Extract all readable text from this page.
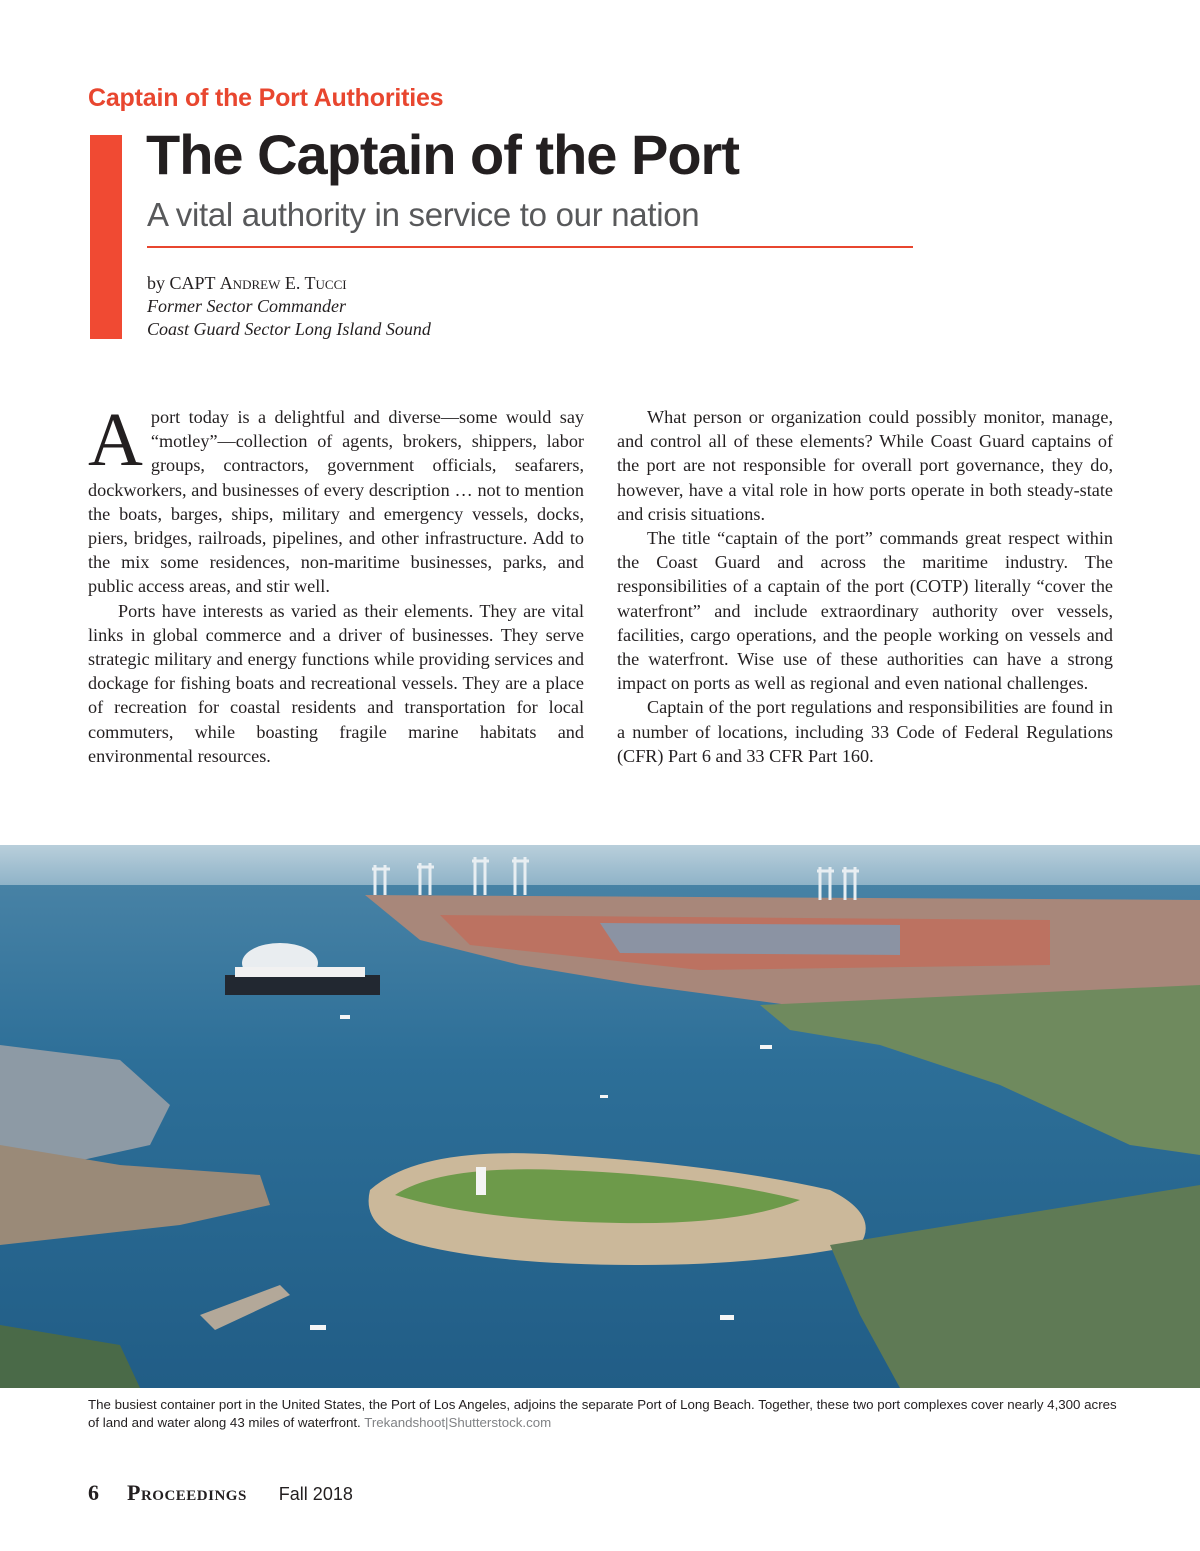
Captain of the Port Authorities
The Captain of the Port
A vital authority in service to our nation
by CAPT Andrew E. Tucci
Former Sector Commander
Coast Guard Sector Long Island Sound

Aport today is a delightful and diverse—some would say “motley”—collection of agents, brokers, shippers, labor groups, contractors, government officials, seafarers, dockworkers, and businesses of every description … not to mention the boats, barges, ships, military and emergency vessels, docks, piers, bridges, railroads, pipelines, and other infrastructure. Add to the mix some residences, non-maritime businesses, parks, and public access areas, and stir well.

Ports have interests as varied as their elements. They are vital links in global commerce and a driver of businesses. They serve strategic military and energy functions while providing services and dockage for fishing boats and recreational vessels. They are a place of recreation for coastal residents and transportation for local commuters, while boasting fragile marine habitats and environmental resources.

What person or organization could possibly monitor, manage, and control all of these elements? While Coast Guard captains of the port are not responsible for overall port governance, they do, however, have a vital role in how ports operate in both steady-state and crisis situations.

The title “captain of the port” commands great respect within the Coast Guard and across the maritime industry. The responsibilities of a captain of the port (COTP) literally “cover the waterfront” and include extraordinary authority over vessels, facilities, cargo operations, and the people working on vessels and the waterfront. Wise use of these authorities can have a strong impact on ports as well as regional and even national challenges.

Captain of the port regulations and responsibilities are found in a number of locations, including 33 Code of Federal Regulations (CFR) Part 6 and 33 CFR Part 160.

The busiest container port in the United States, the Port of Los Angeles, adjoins the separate Port of Long Beach. Together, these two port complexes cover nearly 4,300 acres of land and water along 43 miles of waterfront. Trekandshoot|Shutterstock.com
6 Proceedings Fall 2018
